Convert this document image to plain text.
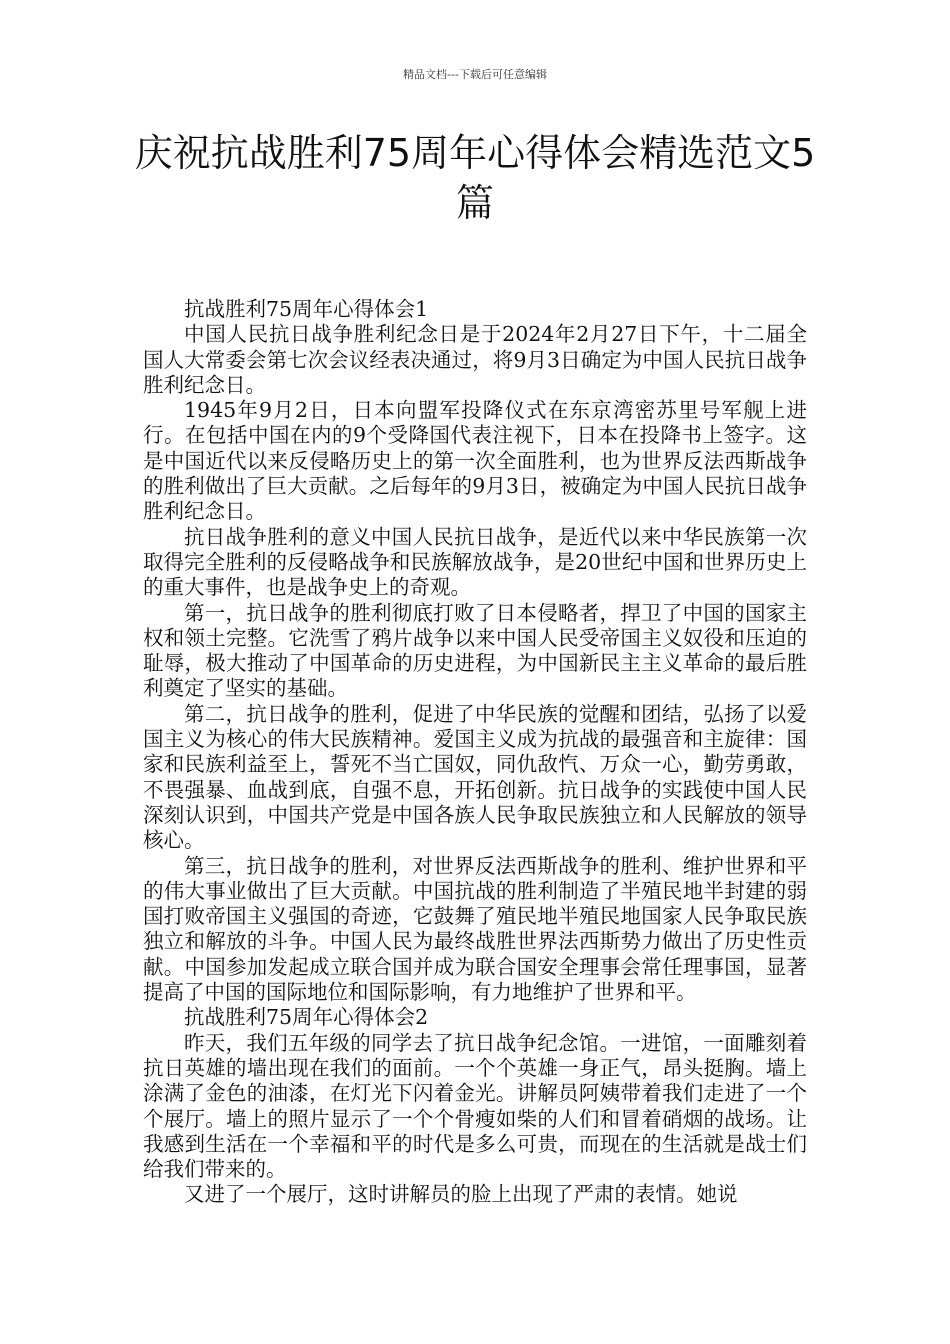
精品文档---下载后可任意编辑
庆祝抗战胜利75周年心得体会精选范文5篇

抗战胜利75周年心得体会1

中国人民抗日战争胜利纪念日是于2024年2月27日下午，十二届全国人大常委会第七次会议经表决通过，将9月3日确定为中国人民抗日战争胜利纪念日。

1945年9月2日，日本向盟军投降仪式在东京湾密苏里号军舰上进行。在包括中国在内的9个受降国代表注视下，日本在投降书上签字。这是中国近代以来反侵略历史上的第一次全面胜利，也为世界反法西斯战争的胜利做出了巨大贡献。之后每年的9月3日，被确定为中国人民抗日战争胜利纪念日。

抗日战争胜利的意义中国人民抗日战争，是近代以来中华民族第一次取得完全胜利的反侵略战争和民族解放战争，是20世纪中国和世界历史上的重大事件，也是战争史上的奇观。

第一，抗日战争的胜利彻底打败了日本侵略者，捍卫了中国的国家主权和领土完整。它洗雪了鸦片战争以来中国人民受帝国主义奴役和压迫的耻辱，极大推动了中国革命的历史进程，为中国新民主主义革命的最后胜利奠定了坚实的基础。

第二，抗日战争的胜利，促进了中华民族的觉醒和团结，弘扬了以爱国主义为核心的伟大民族精神。爱国主义成为抗战的最强音和主旋律：国家和民族利益至上，誓死不当亡国奴，同仇敌忾、万众一心，勤劳勇敢，不畏强暴、血战到底，自强不息，开拓创新。抗日战争的实践使中国人民深刻认识到，中国共产党是中国各族人民争取民族独立和人民解放的领导核心。

第三，抗日战争的胜利，对世界反法西斯战争的胜利、维护世界和平的伟大事业做出了巨大贡献。中国抗战的胜利制造了半殖民地半封建的弱国打败帝国主义强国的奇迹，它鼓舞了殖民地半殖民地国家人民争取民族独立和解放的斗争。中国人民为最终战胜世界法西斯势力做出了历史性贡献。中国参加发起成立联合国并成为联合国安全理事会常任理事国，显著提高了中国的国际地位和国际影响，有力地维护了世界和平。

抗战胜利75周年心得体会2

昨天，我们五年级的同学去了抗日战争纪念馆。一进馆，一面雕刻着抗日英雄的墙出现在我们的面前。一个个英雄一身正气，昂头挺胸。墙上涂满了金色的油漆，在灯光下闪着金光。讲解员阿姨带着我们走进了一个个展厅。墙上的照片显示了一个个骨瘦如柴的人们和冒着硝烟的战场。让我感到生活在一个幸福和平的时代是多么可贵，而现在的生活就是战士们给我们带来的。

又进了一个展厅，这时讲解员的脸上出现了严肃的表情。她说
